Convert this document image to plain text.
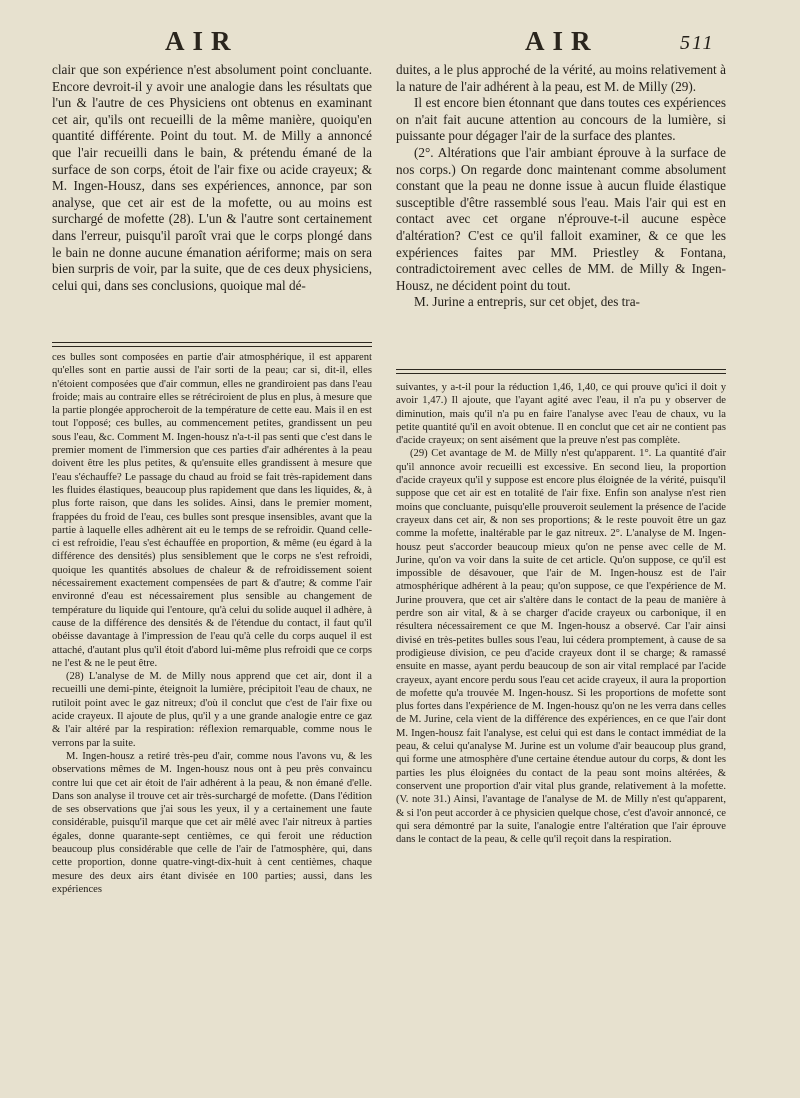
AIR	AIR	511

clair que son expérience n'est absolument point concluante. Encore devroit-il y avoir une analogie dans les résultats que l'un & l'autre de ces Physiciens ont obtenus en examinant cet air, qu'ils ont recueilli de la même manière, quoiqu'en quantité différente. Point du tout. M. de Milly a annoncé que l'air recueilli dans le bain, & prétendu émané de la surface de son corps, étoit de l'air fixe ou acide crayeux; & M. Ingen-Housz, dans ses expériences, annonce, par son analyse, que cet air est de la mofette, ou au moins est surchargé de mofette (28). L'un & l'autre sont certainement dans l'erreur, puisqu'il paroît vrai que le corps plongé dans le bain ne donne aucune émanation aériforme; mais on sera bien surpris de voir, par la suite, que de ces deux physiciens, celui qui, dans ses conclusions, quoique mal dé-

ces bulles sont composées en partie d'air atmosphérique, il est apparent qu'elles sont en partie aussi de l'air sorti de la peau; car si, dit-il, elles n'étoient composées que d'air commun, elles ne grandiroient pas dans l'eau froide; mais au contraire elles se rétréciroient de plus en plus, à mesure que la partie plongée approcheroit de la température de cette eau. Mais il en est tout l'opposé; ces bulles, au commencement petites, grandissent un peu sous l'eau, &c. Comment M. Ingen-housz n'a-t-il pas senti que c'est dans le premier moment de l'immersion que ces parties d'air adhérentes à la peau doivent être les plus petites, & qu'ensuite elles grandissent à mesure que l'eau s'échauffe? Le passage du chaud au froid se fait très-rapidement dans les fluides élastiques, beaucoup plus rapidement que dans les liquides, &, à plus forte raison, que dans les solides. Ainsi, dans le premier moment, frappées du froid de l'eau, ces bulles sont presque insensibles, avant que la partie à laquelle elles adhèrent ait eu le temps de se refroidir. Quand celle-ci est refroidie, l'eau s'est échauffée en proportion, & même (eu égard à la différence des densités) plus sensiblement que le corps ne s'est refroidi, quoique les quantités absolues de chaleur & de refroidissement soient nécessairement exactement compensées de part & d'autre; & comme l'air environné d'eau est nécessairement plus sensible au changement de température du liquide qui l'entoure, qu'à celui du solide auquel il adhère, à cause de la différence des densités & de l'étendue du contact, il faut qu'il obéisse davantage à l'impression de l'eau qu'à celle du corps auquel il est attaché, d'autant plus qu'il étoit d'abord lui-même plus refroidi que ce corps ne l'est & ne le peut être.

(28) L'analyse de M. de Milly nous apprend que cet air, dont il a recueilli une demi-pinte, éteignoit la lumière, précipitoit l'eau de chaux, ne rutiloit point avec le gaz nitreux; d'où il conclut que c'est de l'air fixe ou acide crayeux. Il ajoute de plus, qu'il y a une grande analogie entre ce gaz & l'air altéré par la respiration: réflexion remarquable, comme nous le verrons par la suite.

M. Ingen-housz a retiré très-peu d'air, comme nous l'avons vu, & les observations mêmes de M. Ingen-housz nous ont à peu près convaincu contre lui que cet air étoit de l'air adhérent à la peau, & non émané d'elle. Dans son analyse il trouve cet air très-surchargé de mofette. (Dans l'édition de ses observations que j'ai sous les yeux, il y a certainement une faute considérable, puisqu'il marque que cet air mêlé avec l'air nitreux à parties égales, donne quarante-sept centièmes, ce qui feroit une réduction beaucoup plus considérable que celle de l'air de l'atmosphère, qui, dans cette proportion, donne quatre-vingt-dix-huit à cent centièmes, chaque mesure des deux airs étant divisée en 100 parties; aussi, dans les expériences

duites, a le plus approché de la vérité, au moins relativement à la nature de l'air adhérent à la peau, est M. de Milly (29).

Il est encore bien étonnant que dans toutes ces expériences on n'ait fait aucune attention au concours de la lumière, si puissante pour dégager l'air de la surface des plantes.

(2°. Altérations que l'air ambiant éprouve à la surface de nos corps.) On regarde donc maintenant comme absolument constant que la peau ne donne issue à aucun fluide élastique susceptible d'être rassemblé sous l'eau. Mais l'air qui est en contact avec cet organe n'éprouve-t-il aucune espèce d'altération? C'est ce qu'il falloit examiner, & ce que les expériences faites par MM. Priestley & Fontana, contradictoirement avec celles de MM. de Milly & Ingen-Housz, ne décident point du tout.

M. Jurine a entrepris, sur cet objet, des tra-

suivantes, y a-t-il pour la réduction 1,46, 1,40, ce qui prouve qu'ici il doit y avoir 1,47.) Il ajoute, que l'ayant agité avec l'eau, il n'a pu y observer de diminution, mais qu'il n'a pu en faire l'analyse avec l'eau de chaux, vu la petite quantité qu'il en avoit obtenue. Il en conclut que cet air ne contient pas d'acide crayeux; on sent aisément que la preuve n'est pas complète.

(29) Cet avantage de M. de Milly n'est qu'apparent. 1°. La quantité d'air qu'il annonce avoir recueilli est excessive. En second lieu, la proportion d'acide crayeux qu'il y suppose est encore plus éloignée de la vérité, puisqu'il suppose que cet air est en totalité de l'air fixe. Enfin son analyse n'est rien moins que concluante, puisqu'elle prouveroit seulement la présence de l'acide crayeux dans cet air, & non ses proportions; & le reste pouvoit être un gaz comme la mofette, inaltérable par le gaz nitreux. 2°. L'analyse de M. Ingen-housz peut s'accorder beaucoup mieux qu'on ne pense avec celle de M. Jurine, qu'on va voir dans la suite de cet article. Qu'on suppose, ce qu'il est impossible de désavouer, que l'air de M. Ingen-housz est de l'air atmosphérique adhérent à la peau; qu'on suppose, ce que l'expérience de M. Jurine prouvera, que cet air s'altère dans le contact de la peau de manière à perdre son air vital, & à se charger d'acide crayeux ou carbonique, il en résultera nécessairement ce que M. Ingen-housz a observé. Car l'air ainsi divisé en très-petites bulles sous l'eau, lui cédera promptement, à cause de sa prodigieuse division, ce peu d'acide crayeux dont il se charge; & ramassé ensuite en masse, ayant perdu beaucoup de son air vital remplacé par l'acide crayeux, ayant encore perdu sous l'eau cet acide crayeux, il aura la proportion de mofette qu'a trouvée M. Ingen-housz. Si les proportions de mofette sont plus fortes dans l'expérience de M. Ingen-housz qu'on ne les verra dans celles de M. Jurine, cela vient de la différence des expériences, en ce que l'air dont M. Ingen-housz fait l'analyse, est celui qui est dans le contact immédiat de la peau, & celui qu'analyse M. Jurine est un volume d'air beaucoup plus grand, qui forme une atmosphère d'une certaine étendue autour du corps, & dont les parties les plus éloignées du contact de la peau sont moins altérées, & conservent une proportion d'air vital plus grande, relativement à la mofette. (V. note 31.) Ainsi, l'avantage de l'analyse de M. de Milly n'est qu'apparent, & si l'on peut accorder à ce physicien quelque chose, c'est d'avoir annoncé, ce qui sera démontré par la suite, l'analogie entre l'altération que l'air éprouve dans le contact de la peau, & celle qu'il reçoit dans la respiration.
